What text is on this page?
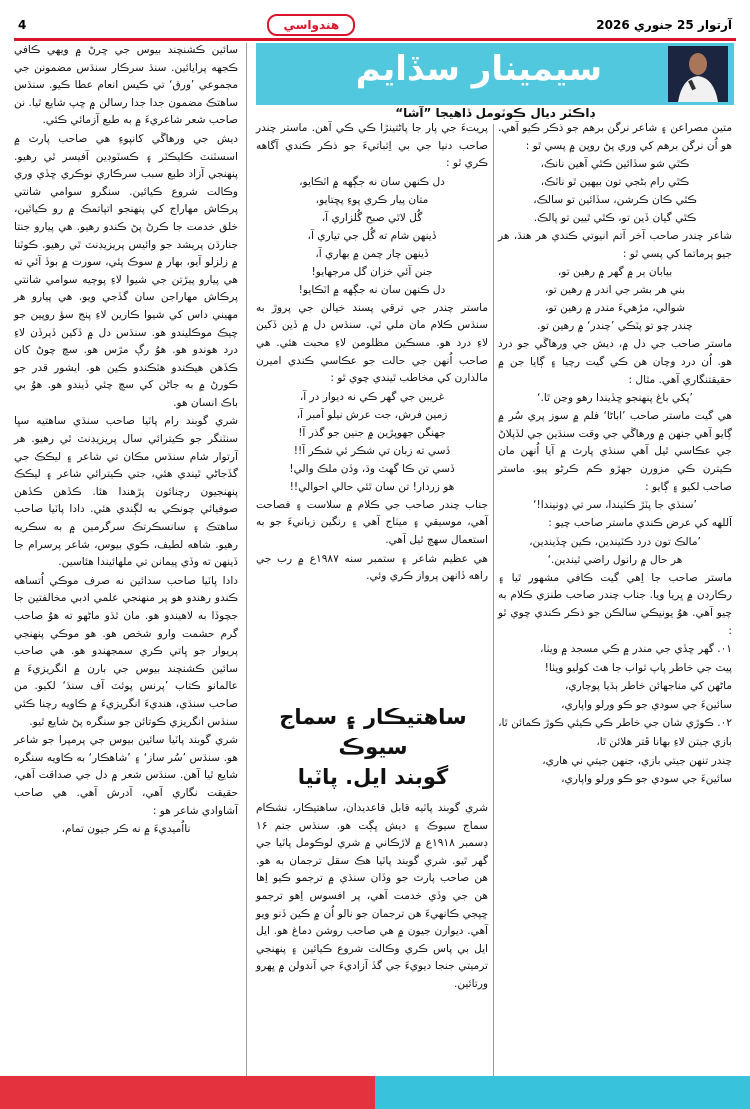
4	هندواسي	آرتوار 25 جنوري 2026
سيمينار سڏايم
ڊاڪٽر ديال ڪوٽومل ڏاهيجا ”آشا“

سائين ڪشنچند بيوس جي ڇرڻ ۾ ويهي ڪافي ڪجهه پرايائين. سنڌ سرڪار سنڌس مضمونن جي مجموعي ’ورق‘ تي ڪيس انعام عطا ڪيو. سنڌس ساهتڪ مضمون جدا جدا رسالن ۾ ڇپ شايع ٿيا. نن صاحب شعر شاعريءَ ۾ به طبع آزمائي ڪئي.

ديش جي ورهاڱي کانپوءِ هي صاحب پارٽ ۾ اسسٽنٽ ڪليڪٽر ۽ ڪسٽوڊين آفيسر ٿي رهيو. پنهنجي آزاد طبع سبب سرڪاري نوڪري ڇڏي وري وڪالت شروع ڪيائين. سنگرو سوامي شانتي پرڪاش مهاراج کي پنهنجو اتپاتمڪ ۾ رو ڪيائين، خلق خدمت جا ڪرڻ پڻ ڪندو رهيو. هي پيارو جنتا جنارڌن پريشد جو وائيس پريزيڊنٽ ٿي رهيو. ڪوٽنا ۾ زلزلو آيو، بهار ۾ سوڪ پئي، سورت ۾ بوڏ آئي ته هي پيارو پيڙتن جي شيوا لاءِ پوڄيه سوامي شانتي پرڪاش مهاراجن سان گڏجي ويو. هي پيارو هر مهيني داس کي شيوا ڪارين لاءِ پنج سؤ روپين جو چيڪ موڪليندو هو. سنڌس دل ۾ ڏکين ڏيرڏن لاءِ درد هوندو هو. هوُ رڳ مڙس هو. سچ چوڻ کان ڪڏهن هيڪندو هٽڪندو ڪين هو. ايشور قدر جو ڪورڻ ۾ به جاڻن کي سچ چئي ڏيندو هو. هوُ بي باڪ انسان هو.

شري گوبند رام پاٽيا صاحب سنڌي ساهتيه سڀا سنٽنگر جو ڪيترائي سال پريزيڊنٽ ٿي رهيو. هر آرتوار شام سنڌس مڪان تي شاعر ۽ ليڪڪ جي گڏجاڻي ٿيندي هئي، جتي ڪيترائي شاعر ۽ ليڪڪ پنهنجيون رچنائون پڙهندا هئا. ڪڏهن ڪڏهن صوفيائي چونڪي به لڳندي هئي. دادا پاٽيا صاحب ساهتڪ ۽ سانسڪرتڪ سرگرمين ۾ به سڪريه رهيو. شاهه لطيف، ڪوي بيوس، شاعر پرسرام جا ڏينهن ته وڏي پيمانن تي ملهائيندا هئاسين.

دادا پاٽيا صاحب سدائين نه صرف موڪي اُتساهه ڪندو رهندو هو پر منهنجي علمي ادبي مخالفتين جا جچوڏا به لاهيندو هو. مان ٿڌو ماڻهو ته هوُ صاحب گرم حشمت وارو شخص هو. هو موڪي پنهنجي پريوار جو ڀاتي ڪري سمجهندو هو. هي صاحب سائين ڪشنچند بيوس جي بارن ۾ انگريزيءَ ۾ عالمانو ڪتاب ’پرنس پوئٽ آف سنڌ‘ لکيو. من صاحب سنڌي، هنديءَ انگريزيءَ ۾ ڪاويه رچنا ڪئي سنڌس انگريزي ڪوتائن جو سنگره پڻ شايع ٿيو.

شري گوبند پاٽيا سائين بيوس جي پرمپرا جو شاعر هو. سنڌس ’سُر ساز‘ ۽ ’شاهڪار‘ به ڪاويه سنگره شايع ٿيا آهن. سنڌس شعر ۾ دل جي صداقت آهي، حقيقت نگاري آهي، آدرش آهي. هي صاحب آشاوادي شاعر هو :

نااُميديءَ ۾ نه ڪر جيون تمام،

پريتءَ جي پار جا پاڻتينڙا ڪي ڪي آهن. ماستر چندر صاحب دنيا جي بي اِثباتيءَ جو ذڪر ڪندي آگاهه ڪري ٿو :

دل ڪنهن سان نه جڳهه ۾ اٽڪايو،

متان پيار ڪري پوءِ پڇتايو،

گُل لاٿي صبح گُلزاري آ،

ڏينهن شام ته گُل جي تياري آ،

ڏينهن چار چمن ۾ بهاري آ،

جنن آئي خزان گل مرجهايو!

دل ڪنهن سان نه جڳهه ۾ اٽڪايو!

ماستر چندر جي ترقي پسند خيالن جي پروڙ به سنڌس ڪلام مان ملي ٿي. سنڌس دل ۾ ڏين ڏکين لاءِ درد هو. مسڪين مظلومن لاءِ محبت هئي. هي صاحب اُنهن جي حالت جو عڪاسي ڪندي اميرن مالدارن کي مخاطب ٿيندي چوي ٿو :

غريبن جي گهر ڪي نه ديوار در آ،

زمين فرش، جت عرش نيلو اَمبر آ،

جهنگن جهوپڙين ۾ جنين جو گذر آ!

ڏسي ته زبان تي شڪر ئي شڪر آ!!

ڏسي تن ڪا گهٽ وڌ، وڏن ملڪ والي!

هو زردار! تن سان ٿئي حالي احوالي!!

جناب چندر صاحب جي ڪلام ۾ سلاست ۽ فصاحت آهي، موسيقي ۽ ميٺاج آهي ۽ رنگين زبانيءَ جو به استعمال سهڄ ٿيل آهي.

هي عظيم شاعر ۽ ستمبر سنه ۱۹۸۷ع ۾ رب جي راهه ڏانهن پرواز ڪري وئي.

ساهتيڪار ۽ سماج
سيوڪ
گوبند ايل. پاٽيا

شري گوبند پاٽيه قابل قاعديدان، ساهتيڪار، نشڪام سماج سيوڪ ۽ ديش ڀڳت هو. سنڌس جنم ۱۶ ڊسمبر ۱۹۱۸ع ۾ لاڙڪاني ۾ شري لوڪومل پاٽيا جي گهر ٿيو. شري گوبند پاٽيا هڪ سقل ترجمان به هو. هن صاحب پارٽ جو وڏان سنڌي ۾ ترجمو ڪيو اِها هن جي وڏي خدمت آهي، پر افسوس اِهو ترجمو ڇپجي ڪانهيءَ هن ترجمان جو نالو اُن ۾ ڪين ڏنو ويو آهي. ديوارن جيون ۾ هي صاحب روشن دماغ هو. ايل ايل بي پاس ڪري وڪالت شروع ڪيائين ۽ پنهنجي ترميتي جنجا ديويءَ جي گڏ آزاديءَ جي آندولن ۾ ڀهرو ورتائين.

متين مصراعن ۽ شاعر نرگن برهم جو ذڪر ڪيو آهي. هو اُن نرگن برهم کي وري پڻ روپن ۾ پسي ٿو :

ڪٿي شو سڏائين ڪٿي آهين نانڪ،

ڪٿي رام بڻجي تون بيهين ٿو ناٽڪ،

ڪٿي ڪان ڪرشن، سڏائين تو سالڪ،

ڪٿي گيان ڏين تو، ڪٿي ٿيين تو پالڪ.

شاعر چندر صاحب آخر آتم انيوتي ڪندي هر هنڌ، هر جيو پرماتما کي پسي ٿو :

بيابان ٻر ۾ گهر ۾ رهين تو،

بني هر بشر جي اندر ۾ رهين تو،

شوالي، مڙهيءَ مندر ۾ رهين تو،

چندر چو تو پٽڪي ’چندر‘ ۾ رهين تو.

ماستر صاحب جي دل ۾، ديش جي ورهاڱي جو درد هو. اُن درد وچان هن ڪي گيت رچيا ۽ ڳايا جن ۾ حقيقتنگاري آهي. مثال :

’پکي باغ پنهنجو ڇڏيندا رهو وڃن ٿا.‘

هي گيت ماستر صاحب ’اباڻا‘ فلم ۾ سوز پري سُر ۾ ڳايو آهي جنهن ۾ ورهاڱي جي وقت سنڌين جي لڏپلاڻ جي عڪاسي ٿيل آهي سنڌي پارٽ ۾ آيا اُنهن مان ڪيترن ڪي مزورن جهڙو ڪم ڪرڻو پيو. ماستر صاحب لکيو ۽ ڳايو :

’سنڌي جا پٽڙ ڪٽيندا، سر تي ڍونيندا!‘

اَللهه کي عرض ڪندي ماستر صاحب چيو :

’مالڪ تون درد ڪٽيندين، ڪين ڇڏيندين،

هر حال ۾ رانول راضي ٿيندين.‘

ماستر صاحب جا اِهي گيت ڪافي مشهور ٿيا ۽ رڪارڊن ۾ ڀريا ويا. جناب چندر صاحب طنزي ڪلام به چيو آهي. هوُ يونيڪي سالڪن جو ذڪر ڪندي چوي ٿو :

۰۱. گهر ڇڏي جي مندر ۾ ڪي مسجد ۾ ويٺا،

پيٽ جي خاطر پاپ ثواب جا هٽ کوليو ويٺا!

ماڻهن کي مناجهائن خاطر ٻڌيا پوڄاري،

سائينءَ جي سودي جو ڪو ورلو واپاري،

۰۲. ڪوڙي شان جي خاطر ڪي ڪيئي ڪوڙ ڪمائن ٿا،

بازي جيتن لاءِ بهانا ڦتر هلائن ٿا،

چندر تنهن جيتي بازي، جنهن جيتي ني هاري،

سائينءَ جي سودي جو ڪو ورلو واپاري،
